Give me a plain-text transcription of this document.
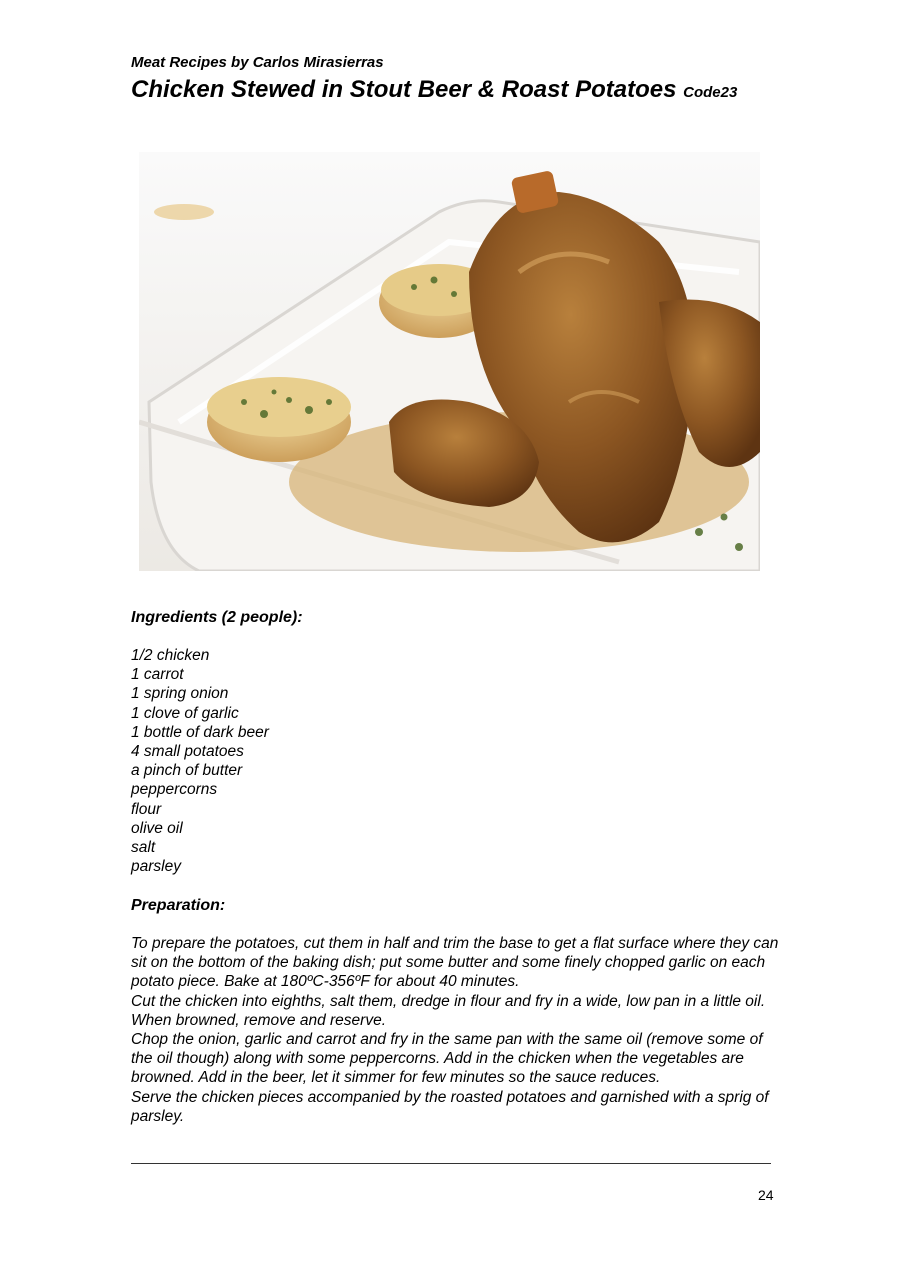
Meat Recipes by Carlos Mirasierras
Chicken Stewed in Stout Beer & Roast Potatoes Code23
Ingredients (2 people):
1/2 chicken
1 carrot
1 spring onion
1 clove of garlic
1 bottle of dark beer
4 small potatoes
a pinch of butter
peppercorns
flour
olive oil
salt
parsley
Preparation:

To prepare the potatoes, cut them in half and trim the base to get a flat surface where they can sit on the bottom of the baking dish; put some butter and some finely chopped garlic on each potato piece. Bake at 180ºC-356ºF for about 40 minutes.

Cut the chicken into eighths, salt them, dredge in flour and fry in a wide, low pan in a little oil. When browned, remove and reserve.

Chop the onion, garlic and carrot and fry in the same pan with the same oil (remove some of the oil though) along with some peppercorns. Add in the chicken when the vegetables are browned. Add in the beer, let it simmer for few minutes so the sauce reduces.

Serve the chicken pieces accompanied by the roasted potatoes and garnished with a sprig of parsley.

24
